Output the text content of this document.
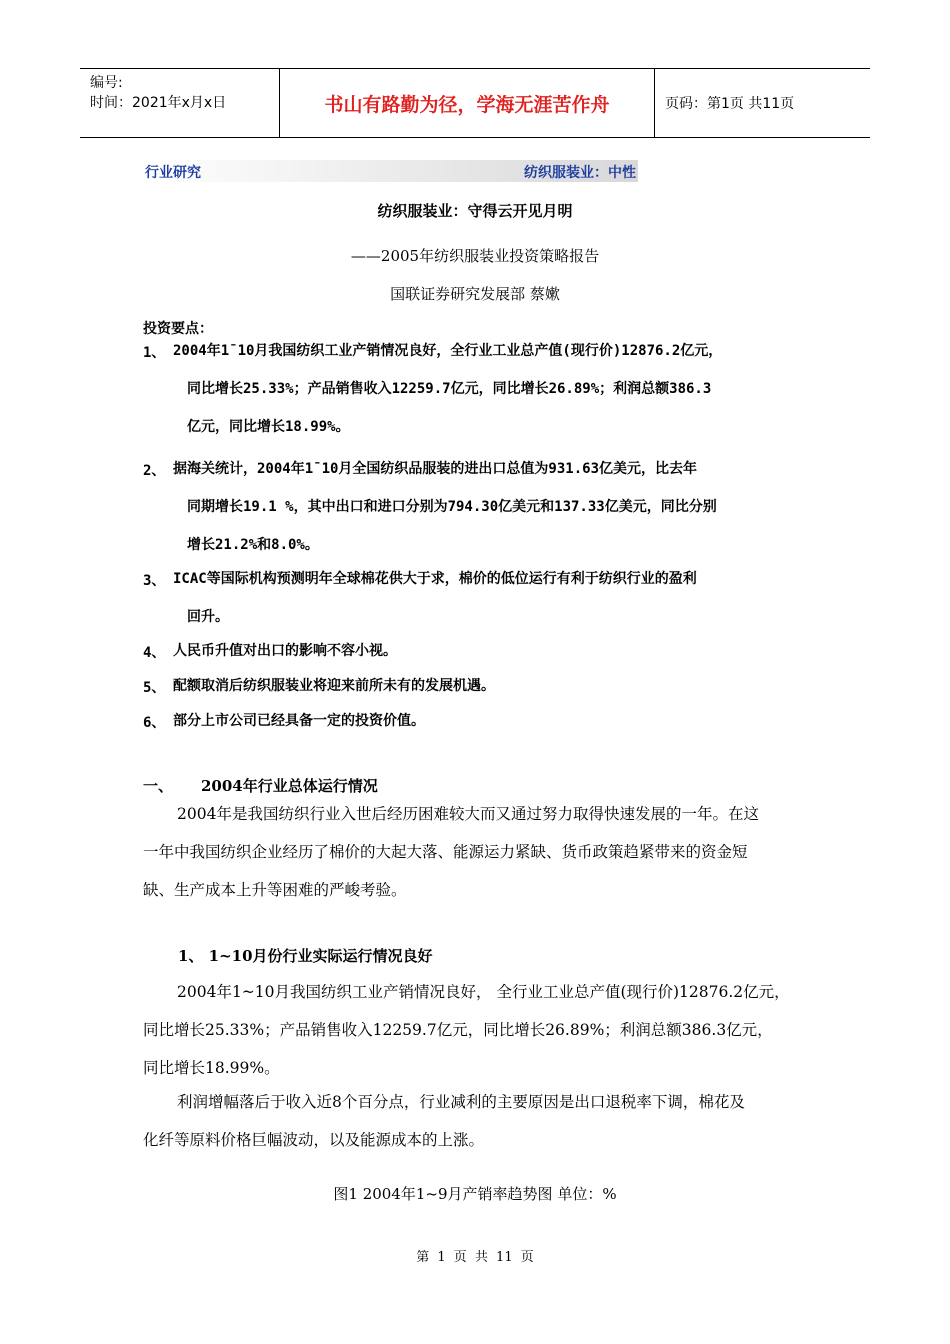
编号:
时间：2021年x月x日	书山有路勤为径，学海无涯苦作舟	页码：第1页 共11页
行业研究	纺织服装业：中性
纺织服装业：守得云开见月明
——2005年纺织服装业投资策略报告
国联证券研究发展部 蔡嫰
投资要点：
1、 2004年1¯10月我国纺织工业产销情况良好，全行业工业总产值(现行价)12876.2亿元，
同比增长25.33%；产品销售收入12259.7亿元，同比增长26.89%；利润总额386.3
亿元，同比增长18.99%。
2、 据海关统计，2004年1¯10月全国纺织品服装的进出口总值为931.63亿美元，比去年
同期增长19.1 %，其中出口和进口分别为794.30亿美元和137.33亿美元，同比分别
增长21.2%和8.0%。
3、 ICAC等国际机构预测明年全球棉花供大于求，棉价的低位运行有利于纺织行业的盈利
回升。
4、 人民币升值对出口的影响不容小视。
5、 配额取消后纺织服装业将迎来前所未有的发展机遇。
6、 部分上市公司已经具备一定的投资价值。
一、 2004年行业总体运行情况
2004年是我国纺织行业入世后经历困难较大而又通过努力取得快速发展的一年。在这
一年中我国纺织企业经历了棉价的大起大落、能源运力紧缺、货币政策趋紧带来的资金短
缺、生产成本上升等困难的严峻考验。
1、 1~10月份行业实际运行情况良好
2004年1~10月我国纺织工业产销情况良好， 全行业工业总产值(现行价)12876.2亿元，
同比增长25.33%；产品销售收入12259.7亿元，同比增长26.89%；利润总额386.3亿元，
同比增长18.99%。
利润增幅落后于收入近8个百分点，行业减利的主要原因是出口退税率下调，棉花及
化纤等原料价格巨幅波动，以及能源成本的上涨。
图1 2004年1~9月产销率趋势图 单位：%
第 1 页 共 11 页
